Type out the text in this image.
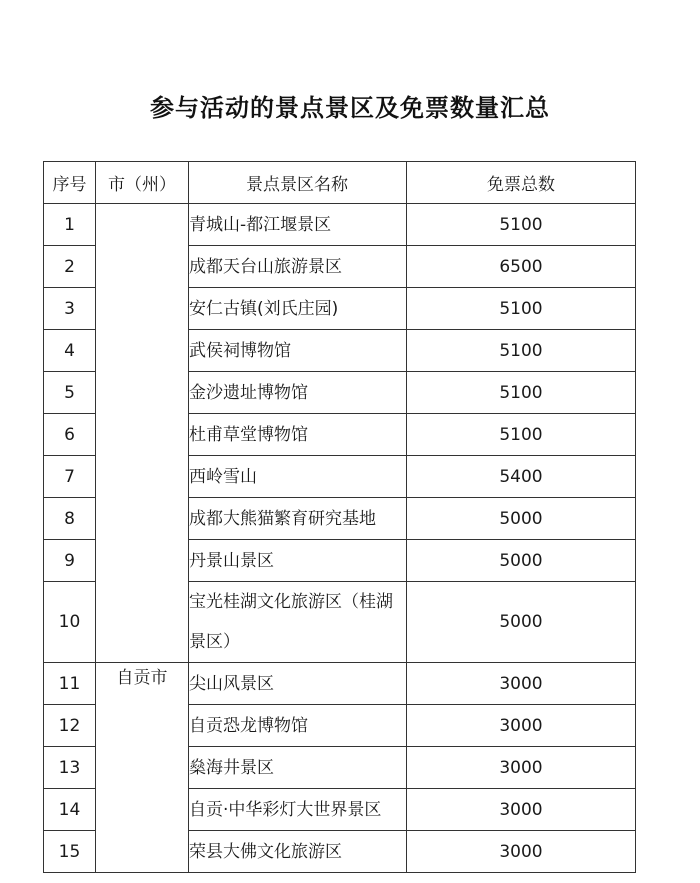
参与活动的景点景区及免票数量汇总
序号	市（州）	景点景区名称	免票总数
1		青城山-都江堰景区	5100
2		成都天台山旅游景区	6500
3		安仁古镇(刘氏庄园)	5100
4		武侯祠博物馆	5100
5		金沙遗址博物馆	5100
6		杜甫草堂博物馆	5100
7		西岭雪山	5400
8		成都大熊猫繁育研究基地	5000
9		丹景山景区	5000
10		宝光桂湖文化旅游区（桂湖景区）	5000
11	自贡市	尖山风景区	3000
12		自贡恐龙博物馆	3000
13		燊海井景区	3000
14		自贡·中华彩灯大世界景区	3000
15		荣县大佛文化旅游区	3000
